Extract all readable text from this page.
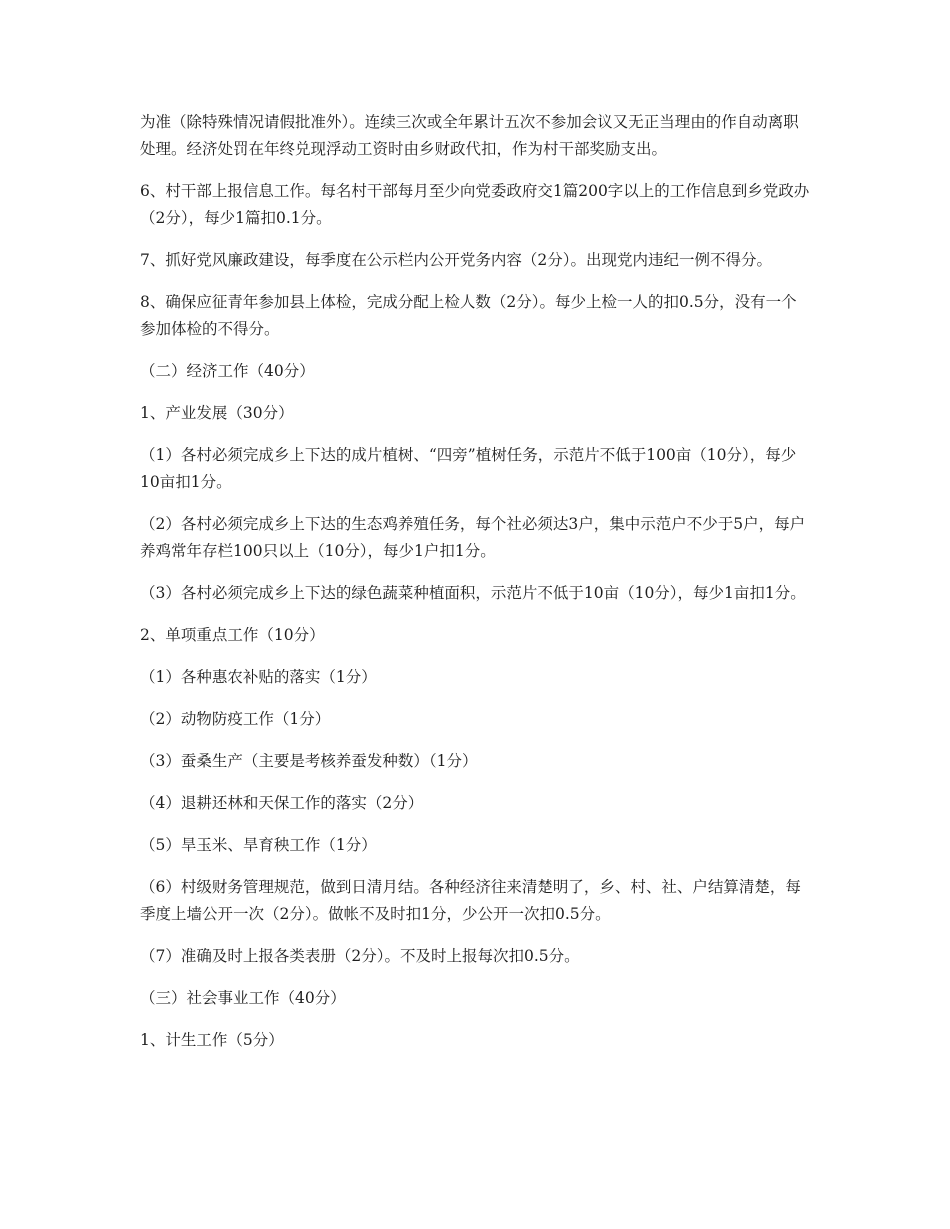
为准（除特殊情况请假批准外）。连续三次或全年累计五次不参加会议又无正当理由的作自动离职处理。经济处罚在年终兑现浮动工资时由乡财政代扣，作为村干部奖励支出。

6、村干部上报信息工作。每名村干部每月至少向党委政府交1篇200字以上的工作信息到乡党政办（2分），每少1篇扣0.1分。

7、抓好党风廉政建设，每季度在公示栏内公开党务内容（2分）。出现党内违纪一例不得分。

8、确保应征青年参加县上体检，完成分配上检人数（2分）。每少上检一人的扣0.5分，没有一个参加体检的不得分。

（二）经济工作（40分）

1、产业发展（30分）

（1）各村必须完成乡上下达的成片植树、“四旁”植树任务，示范片不低于100亩（10分），每少10亩扣1分。

（2）各村必须完成乡上下达的生态鸡养殖任务，每个社必须达3户，集中示范户不少于5户，每户养鸡常年存栏100只以上（10分），每少1户扣1分。

（3）各村必须完成乡上下达的绿色蔬菜种植面积，示范片不低于10亩（10分），每少1亩扣1分。

2、单项重点工作（10分）

（1）各种惠农补贴的落实（1分）

（2）动物防疫工作（1分）

（3）蚕桑生产（主要是考核养蚕发种数）（1分）

（4）退耕还林和天保工作的落实（2分）

（5）旱玉米、旱育秧工作（1分）

（6）村级财务管理规范，做到日清月结。各种经济往来清楚明了，乡、村、社、户结算清楚，每季度上墙公开一次（2分）。做帐不及时扣1分，少公开一次扣0.5分。

（7）准确及时上报各类表册（2分）。不及时上报每次扣0.5分。

（三）社会事业工作（40分）

1、计生工作（5分）
